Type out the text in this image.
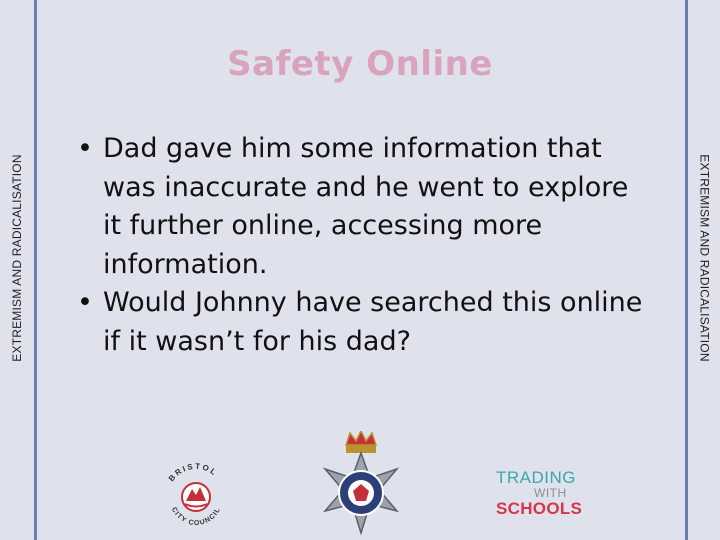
EXTREMISM AND RADICALISATION	EXTREMISM AND RADICALISATION
Safety Online
• Dad gave him some information that was inaccurate and he went to explore it further online, accessing more information.
• Would Johnny have searched this online if it wasn’t for his dad?
BRISTOL
CITY COUNCIL
TRADING
WITH
SCHOOLS
